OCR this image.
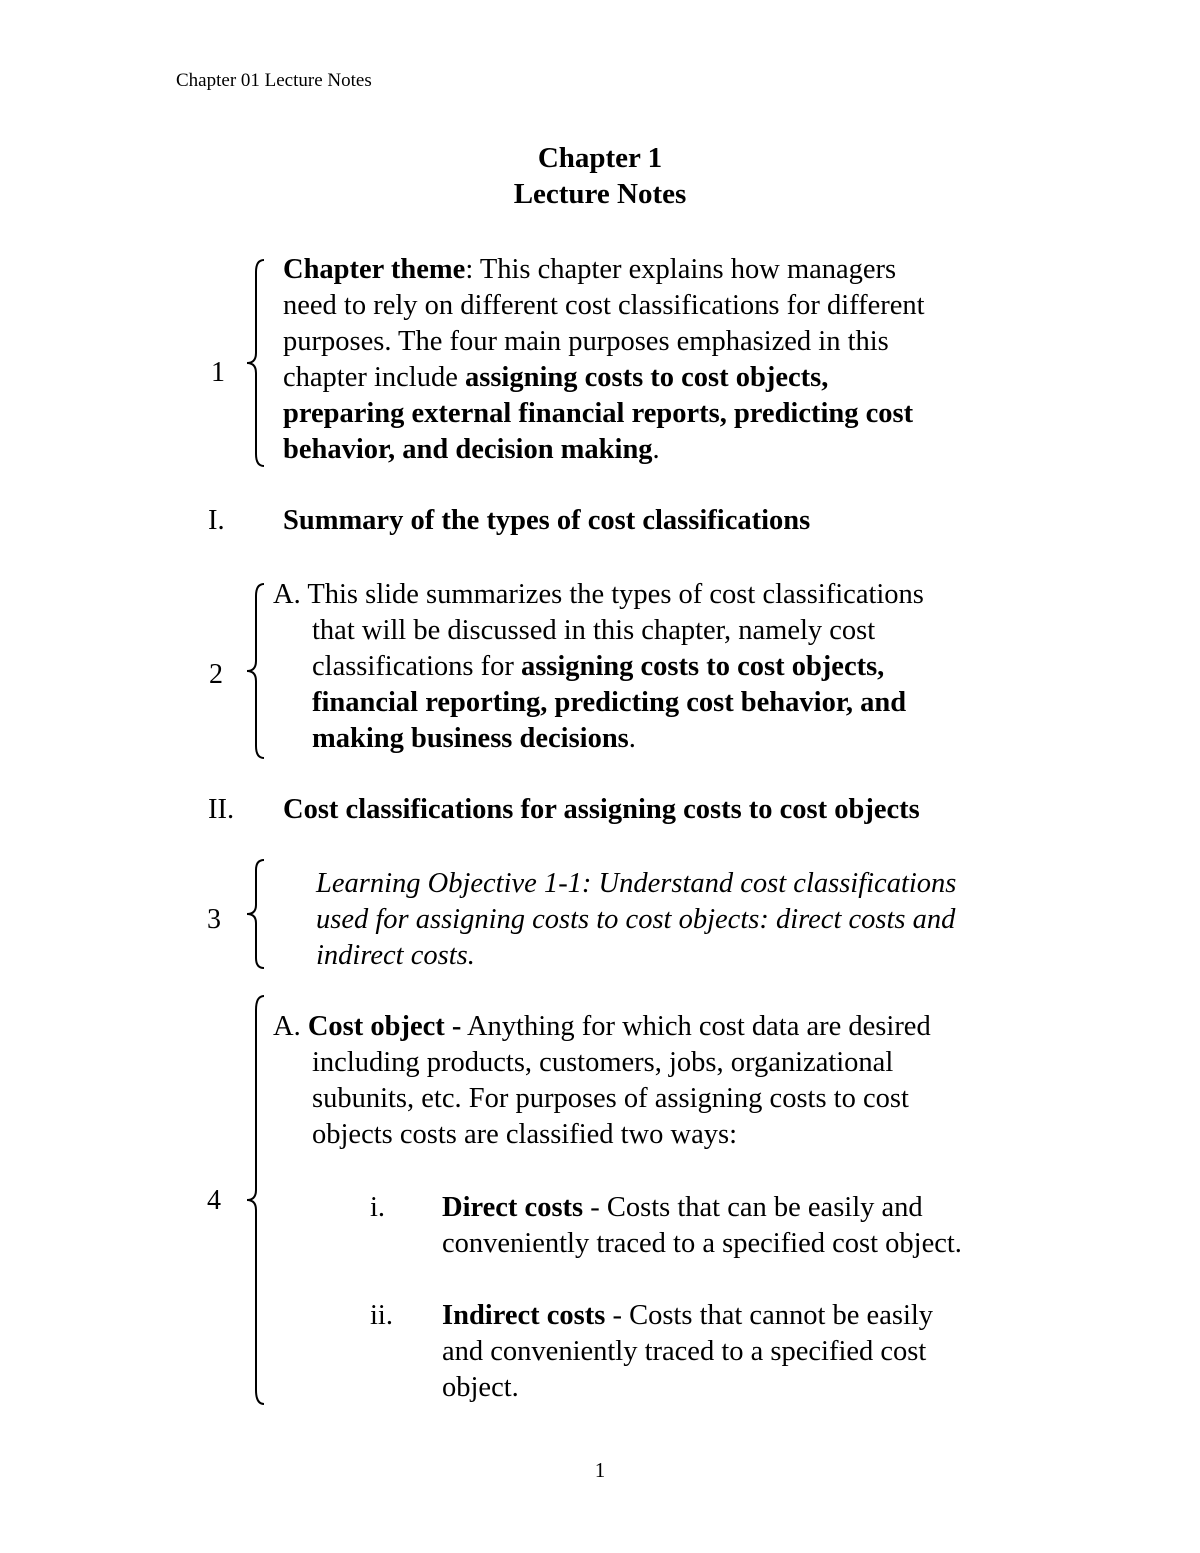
Chapter 01 Lecture Notes
Chapter 1
Lecture Notes
1
Chapter theme: This chapter explains how managers
need to rely on different cost classifications for different
purposes. The four main purposes emphasized in this
chapter include assigning costs to cost objects,
preparing external financial reports, predicting cost
behavior, and decision making.
I. Summary of the types of cost classifications
2
A. This slide summarizes the types of cost classifications
that will be discussed in this chapter, namely cost
classifications for assigning costs to cost objects,
financial reporting, predicting cost behavior, and
making business decisions.
II. Cost classifications for assigning costs to cost objects
3
Learning Objective 1-1: Understand cost classifications
used for assigning costs to cost objects: direct costs and
indirect costs.
4
A. Cost object - Anything for which cost data are desired
including products, customers, jobs, organizational
subunits, etc. For purposes of assigning costs to cost
objects costs are classified two ways:
i. Direct costs - Costs that can be easily and
conveniently traced to a specified cost object.
ii. Indirect costs - Costs that cannot be easily
and conveniently traced to a specified cost
object.
1
